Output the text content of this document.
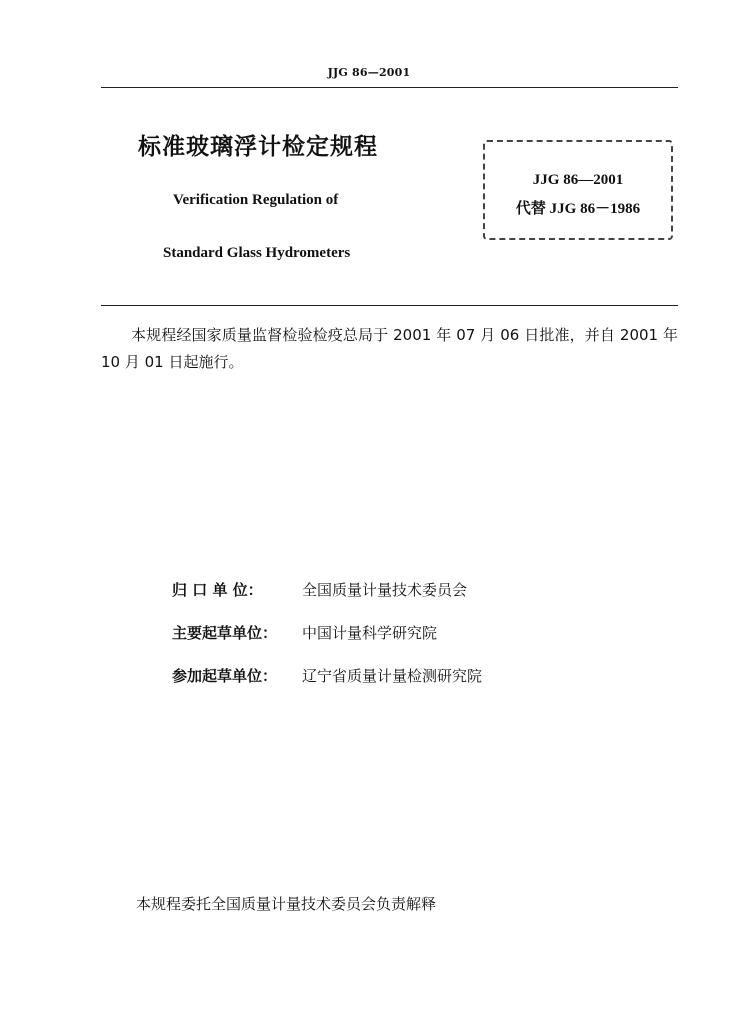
JJG 86—2001
标准玻璃浮计检定规程
Verification Regulation of
Standard Glass Hydrometers
JJG 86—2001
代替 JJG 86－1986
本规程经国家质量监督检验检疫总局于 2001 年 07 月 06 日批准，并自 2001 年 10 月 01 日起施行。
归 口 单 位：	全国质量计量技术委员会
主要起草单位：	中国计量科学研究院
参加起草单位：	辽宁省质量计量检测研究院
本规程委托全国质量计量技术委员会负责解释
